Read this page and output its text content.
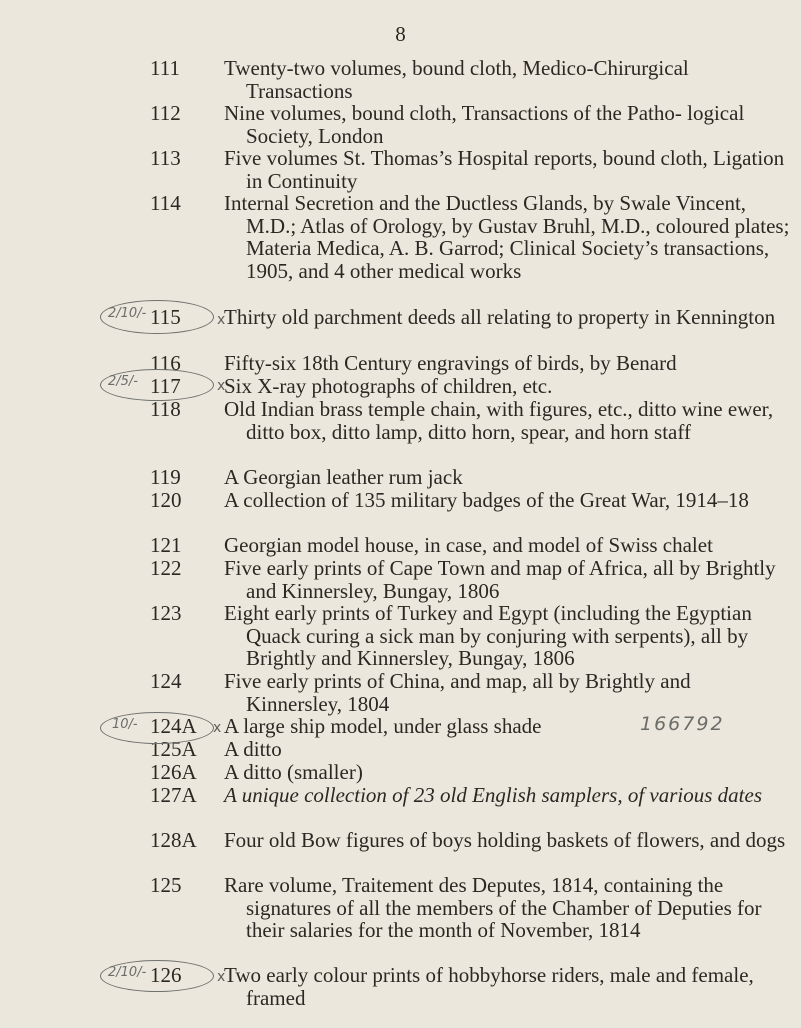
8
111	Twenty-two volumes, bound cloth, Medico-Chirurgical Transactions
112	Nine volumes, bound cloth, Transactions of the Patho- logical Society, London
113	Five volumes St. Thomas’s Hospital reports, bound cloth, Ligation in Continuity
114	Internal Secretion and the Ductless Glands, by Swale Vincent, M.D.; Atlas of Orology, by Gustav Bruhl, M.D., coloured plates; Materia Medica, A. B. Garrod; Clinical Society’s transactions, 1905, and 4 other medical works
115	Thirty old parchment deeds all relating to property in Kennington
116	Fifty-six 18th Century engravings of birds, by Benard
117	Six X-ray photographs of children, etc.
118	Old Indian brass temple chain, with figures, etc., ditto wine ewer, ditto box, ditto lamp, ditto horn, spear, and horn staff
119	A Georgian leather rum jack
120	A collection of 135 military badges of the Great War, 1914–18
121	Georgian model house, in case, and model of Swiss chalet
122	Five early prints of Cape Town and map of Africa, all by Brightly and Kinnersley, Bungay, 1806
123	Eight early prints of Turkey and Egypt (including the Egyptian Quack curing a sick man by conjuring with serpents), all by Brightly and Kinnersley, Bungay, 1806
124	Five early prints of China, and map, all by Brightly and Kinnersley, 1804
124A	A large ship model, under glass shade
125A	A ditto
126A	A ditto (smaller)
127A	A unique collection of 23 old English samplers, of various dates
128A	Four old Bow figures of boys holding baskets of flowers, and dogs
125	Rare volume, Traitement des Deputes, 1814, containing the signatures of all the members of the Chamber of Deputies for their salaries for the month of November, 1814
126	Two early colour prints of hobbyhorse riders, male and female, framed
2/10/-	x
2/5/-	x
10/-	x
2/10/-	x
166792
